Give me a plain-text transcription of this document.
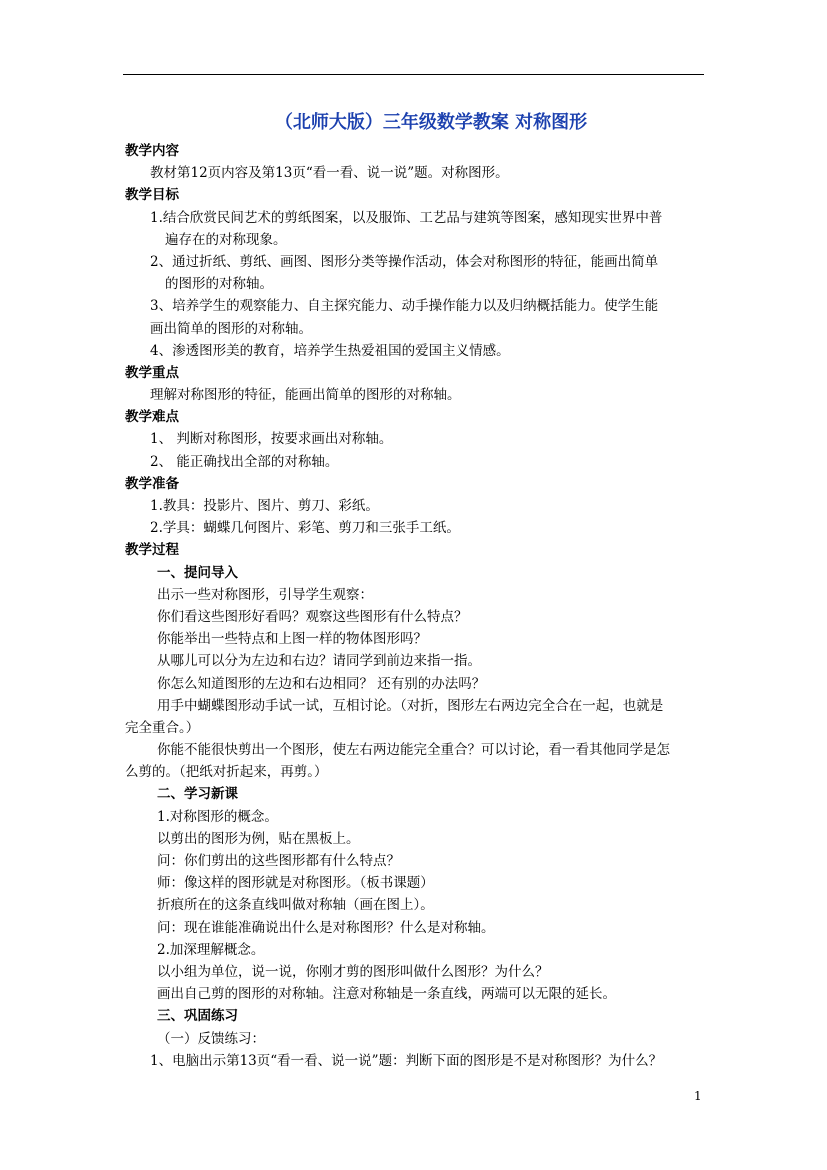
（北师大版）三年级数学教案 对称图形
教学内容
教材第12页内容及第13页“看一看、说一说”题。对称图形。
教学目标
1.结合欣赏民间艺术的剪纸图案，以及服饰、工艺品与建筑等图案，感知现实世界中普
遍存在的对称现象。
2、通过折纸、剪纸、画图、图形分类等操作活动，体会对称图形的特征，能画出简单
的图形的对称轴。
3、培养学生的观察能力、自主探究能力、动手操作能力以及归纳概括能力。使学生能
画出简单的图形的对称轴。
4、渗透图形美的教育，培养学生热爱祖国的爱国主义情感。
教学重点
理解对称图形的特征，能画出简单的图形的对称轴。
教学难点
1、 判断对称图形，按要求画出对称轴。
2、 能正确找出全部的对称轴。
教学准备
1.教具：投影片、图片、剪刀、彩纸。
2.学具：蝴蝶几何图片、彩笔、剪刀和三张手工纸。
教学过程
一、提问导入
出示一些对称图形，引导学生观察：
你们看这些图形好看吗？观察这些图形有什么特点？
你能举出一些特点和上图一样的物体图形吗？
从哪儿可以分为左边和右边？请同学到前边来指一指。
你怎么知道图形的左边和右边相同？ 还有别的办法吗？
用手中蝴蝶图形动手试一试，互相讨论。（对折，图形左右两边完全合在一起，也就是
完全重合。）
你能不能很快剪出一个图形，使左右两边能完全重合？可以讨论，看一看其他同学是怎
么剪的。（把纸对折起来，再剪。）
二、学习新课
1.对称图形的概念。
以剪出的图形为例，贴在黑板上。
问：你们剪出的这些图形都有什么特点？
师：像这样的图形就是对称图形。（板书课题）
折痕所在的这条直线叫做对称轴（画在图上）。
问：现在谁能准确说出什么是对称图形？什么是对称轴。
2.加深理解概念。
以小组为单位，说一说，你刚才剪的图形叫做什么图形？为什么？
画出自己剪的图形的对称轴。注意对称轴是一条直线，两端可以无限的延长。
三、巩固练习
（一）反馈练习：
1、电脑出示第13页“看一看、说一说”题：判断下面的图形是不是对称图形？为什么？
1
